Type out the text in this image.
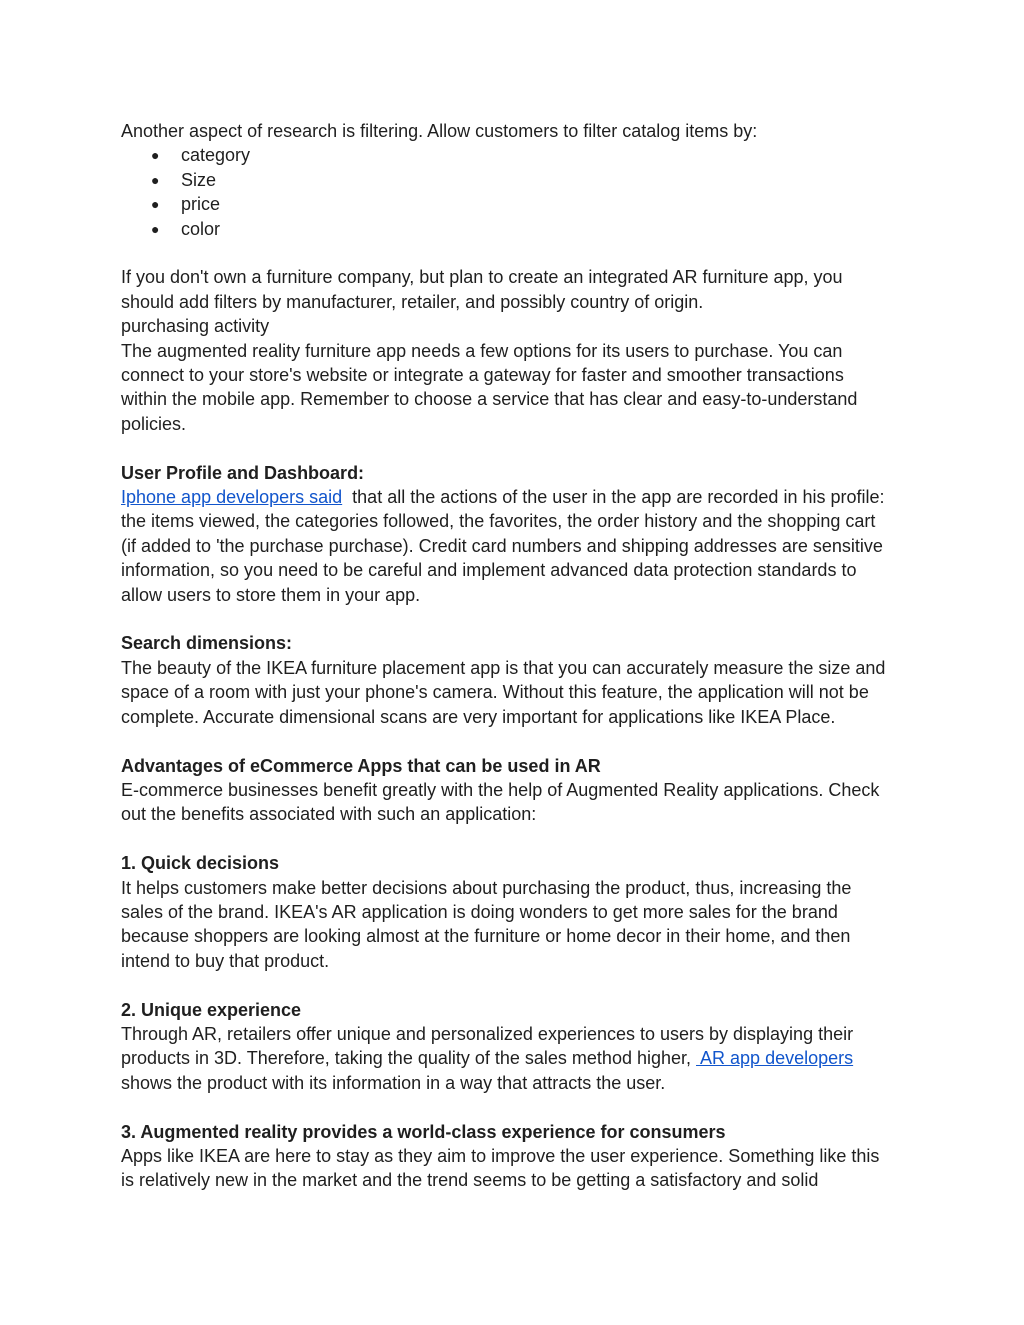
Another aspect of research is filtering. Allow customers to filter catalog items by:
● category
● Size
● price
● color
If you don't own a furniture company, but plan to create an integrated AR furniture app, you
should add filters by manufacturer, retailer, and possibly country of origin.
purchasing activity
The augmented reality furniture app needs a few options for its users to purchase. You can
connect to your store's website or integrate a gateway for faster and smoother transactions
within the mobile app. Remember to choose a service that has clear and easy-to-understand
policies.
User Profile and Dashboard:
Iphone app developers said  that all the actions of the user in the app are recorded in his profile:
the items viewed, the categories followed, the favorites, the order history and the shopping cart
(if added to 'the purchase purchase). Credit card numbers and shipping addresses are sensitive
information, so you need to be careful and implement advanced data protection standards to
allow users to store them in your app.
Search dimensions:
The beauty of the IKEA furniture placement app is that you can accurately measure the size and
space of a room with just your phone's camera. Without this feature, the application will not be
complete. Accurate dimensional scans are very important for applications like IKEA Place.
Advantages of eCommerce Apps that can be used in AR
E-commerce businesses benefit greatly with the help of Augmented Reality applications. Check
out the benefits associated with such an application:
1. Quick decisions
It helps customers make better decisions about purchasing the product, thus, increasing the
sales of the brand. IKEA's AR application is doing wonders to get more sales for the brand
because shoppers are looking almost at the furniture or home decor in their home, and then
intend to buy that product.
2. Unique experience
Through AR, retailers offer unique and personalized experiences to users by displaying their
products in 3D. Therefore, taking the quality of the sales method higher,  AR app developers
shows the product with its information in a way that attracts the user.
3. Augmented reality provides a world-class experience for consumers
Apps like IKEA are here to stay as they aim to improve the user experience. Something like this
is relatively new in the market and the trend seems to be getting a satisfactory and solid
